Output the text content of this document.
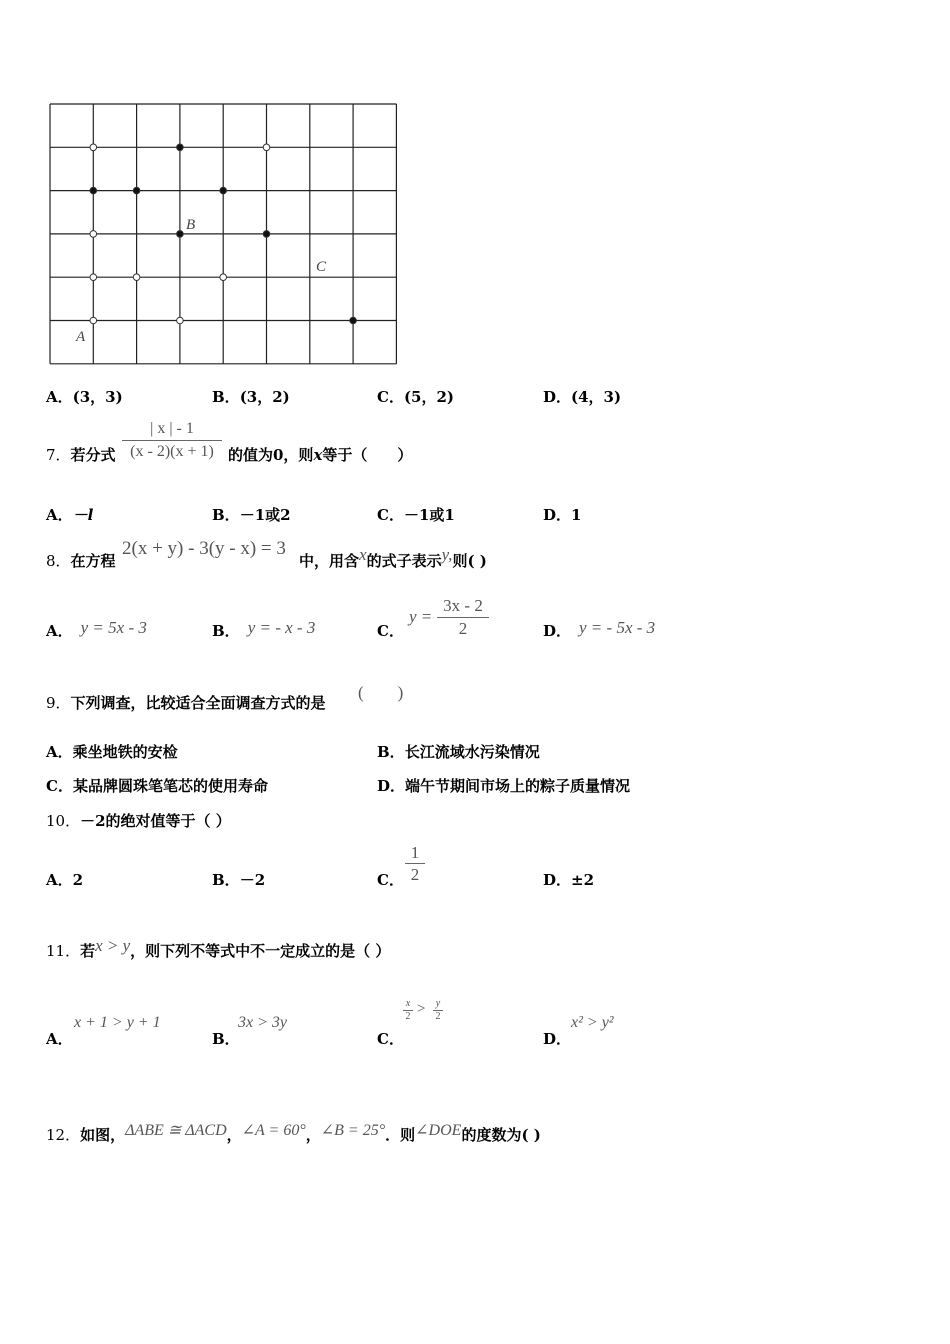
A
B
C
A．(3，3)	B．(3，2)	C．(5，2)	D．(4，3)
7．若分式 $\frac{| x | - 1}{(x - 2)(x + 1)}$ 的值为0，则x等于（　　）
A．－l	B．－1或2	C．－1或1	D．1
8．在方程
2(x + y) - 3(y - x) = 3
中，用含x的式子表示y,则( )
A． y = 5x - 3	B． y = - x - 3	C．
$y = \frac{3x - 2}{2}$	D． y = - 5x - 3
9．下列调查，比较适合全面调查方式的是
(　　)
A．乘坐地铁的安检	B．长江流域水污染情况
C．某品牌圆珠笔笔芯的使用寿命	D．端午节期间市场上的粽子质量情况
10．－2的绝对值等于（ ）
A．2	B．－2	C． $\frac{1}{2}$	D．±2
11．若x > y，则下列不等式中不一定成立的是（ ）
A．
x + 1 > y + 1
B．
3x > 3y
C．
$\frac{x}{2} > \frac{y}{2}$
D．
x² > y²
12．如图，ΔABE ≅ ΔACD，∠A = 60°，∠B = 25°．则∠DOE的度数为( )
